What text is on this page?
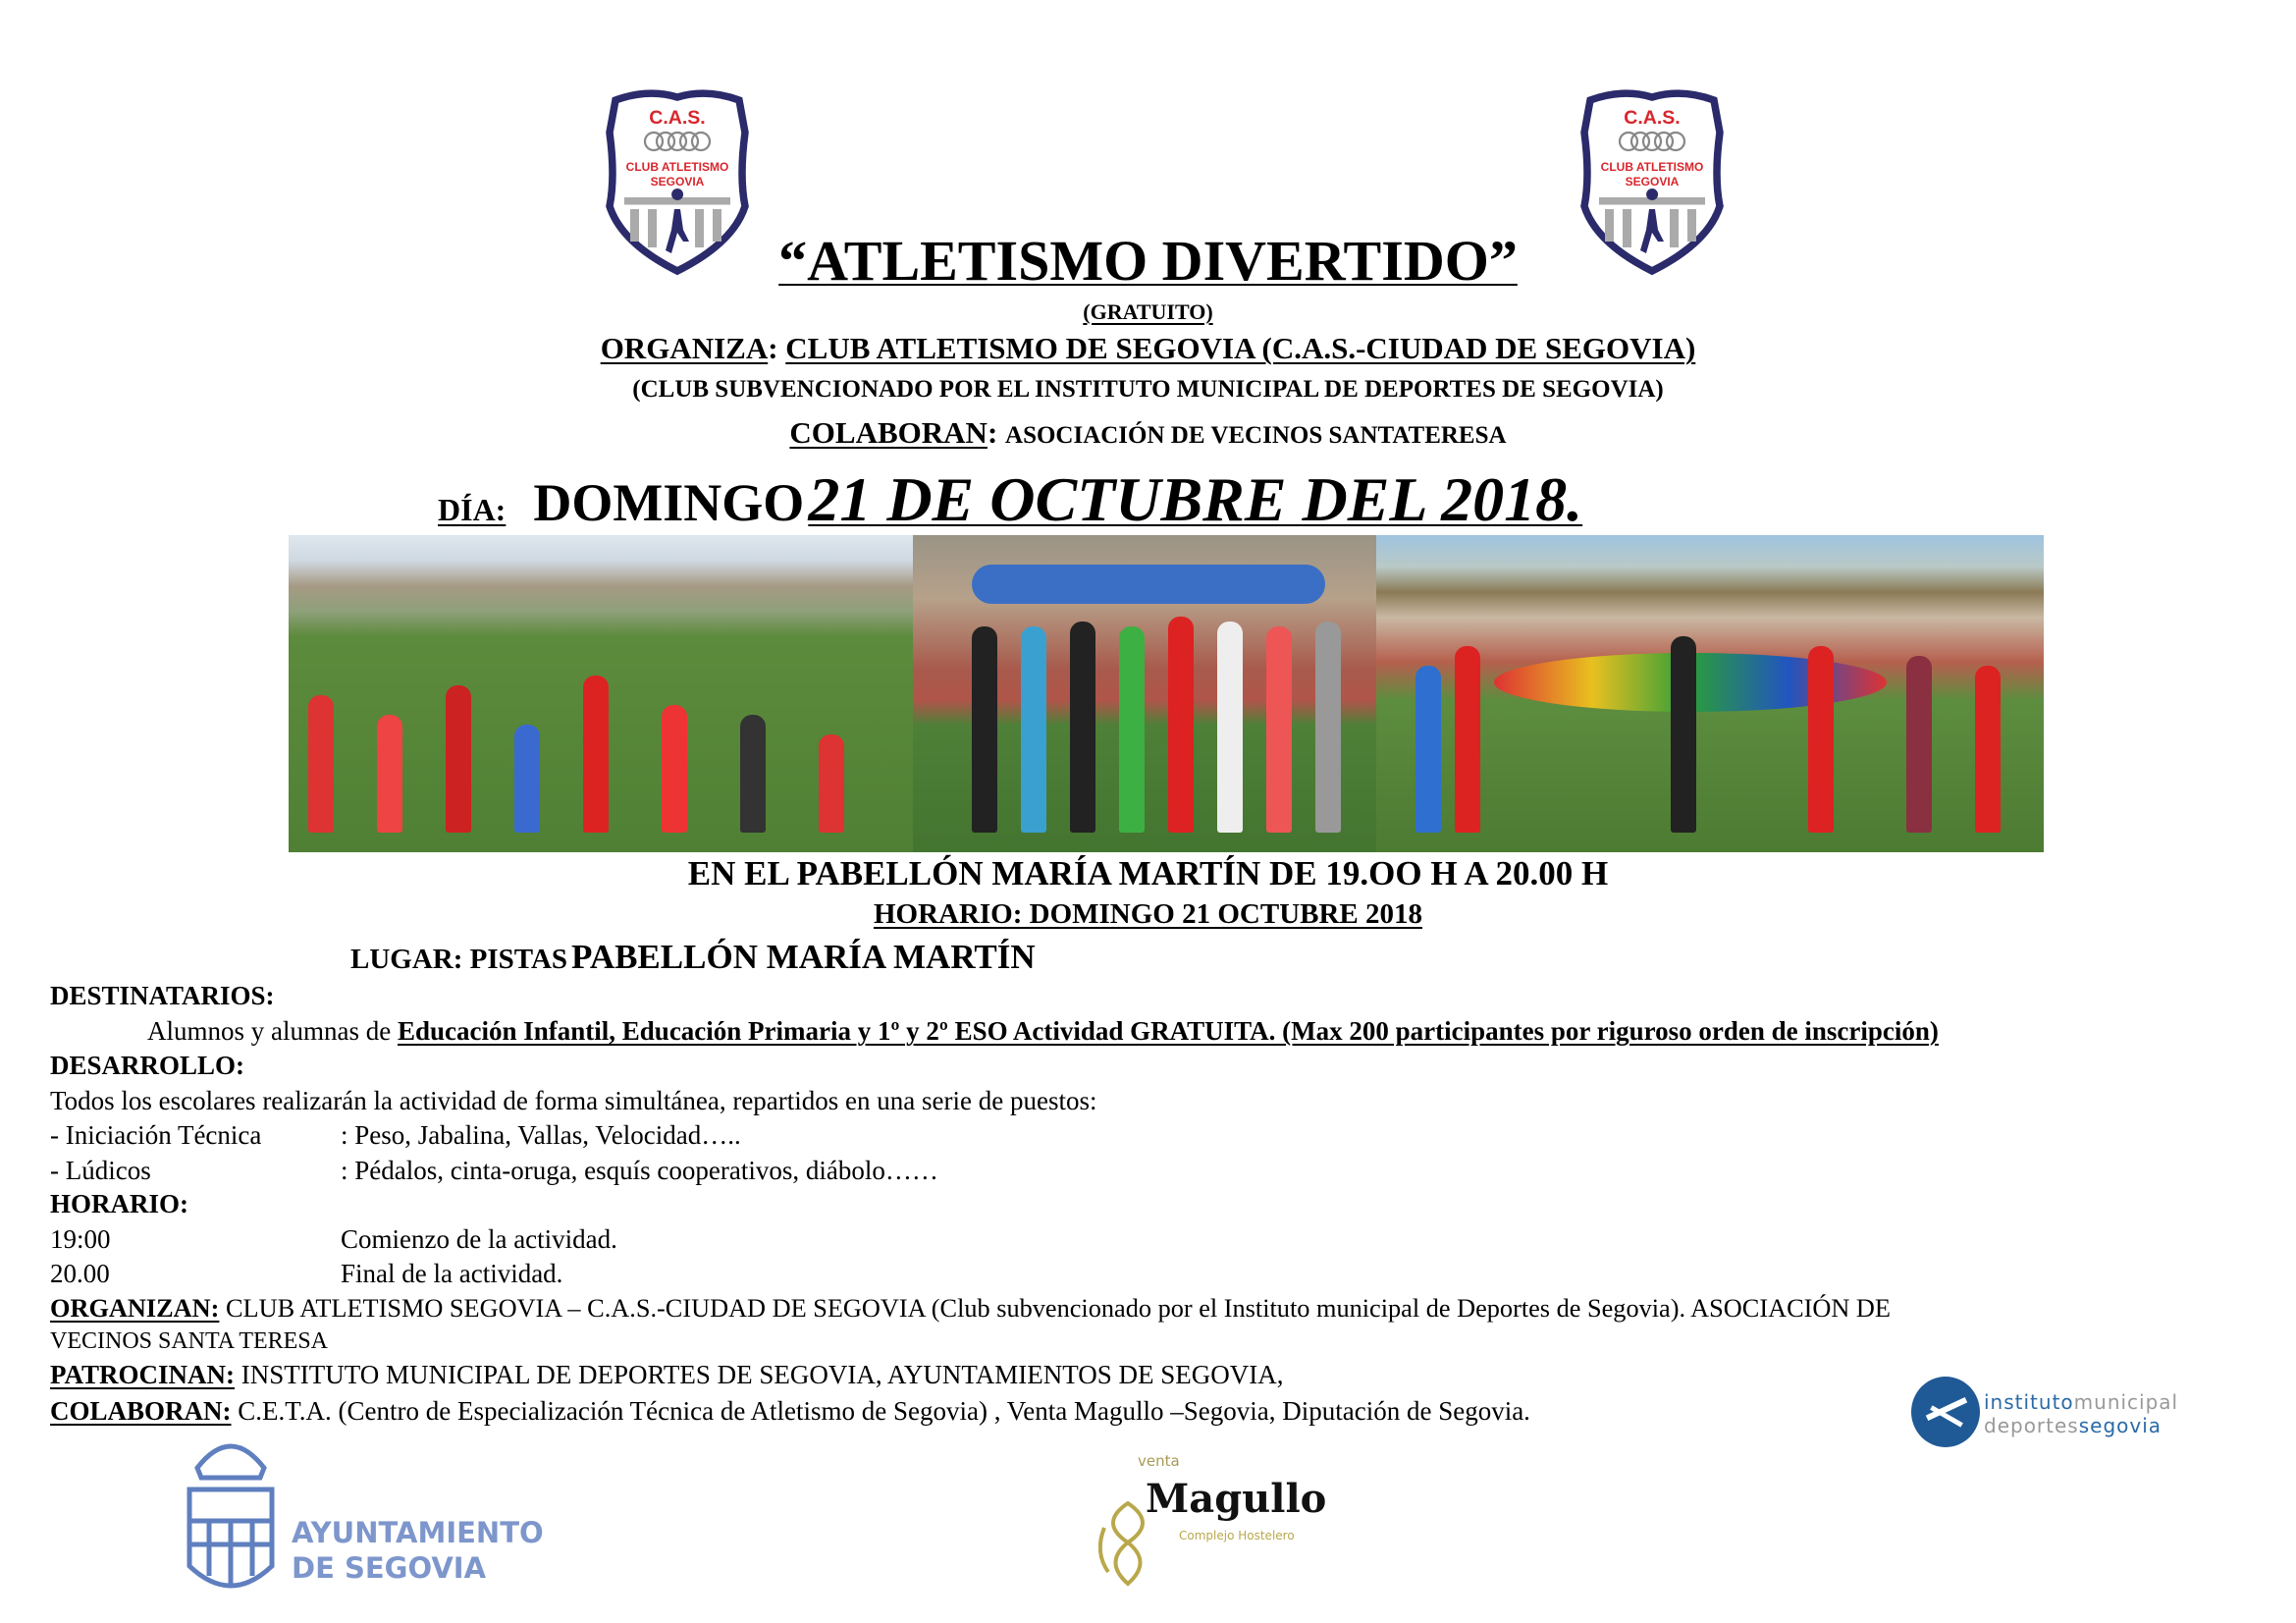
C.A.S.
CLUB ATLETISMO
SEGOVIA
C.A.S.
CLUB ATLETISMO
SEGOVIA
“ATLETISMO DIVERTIDO”
(GRATUITO)
ORGANIZA: CLUB ATLETISMO DE SEGOVIA (C.A.S.-CIUDAD DE SEGOVIA)
(CLUB SUBVENCIONADO POR EL INSTITUTO MUNICIPAL DE DEPORTES DE SEGOVIA)
COLABORAN: ASOCIACIÓN DE VECINOS SANTATERESA
DÍA: DOMINGO 21 DE OCTUBRE DEL 2018.
EN EL PABELLÓN MARÍA MARTÍN DE 19.OO H A 20.00 H
HORARIO: DOMINGO 21 OCTUBRE 2018
LUGAR: PISTAS PABELLÓN MARÍA MARTÍN
DESTINATARIOS:
Alumnos y alumnas de Educación Infantil, Educación Primaria y 1º y 2º ESO Actividad GRATUITA. (Max 200 participantes por riguroso orden de inscripción)
DESARROLLO:
Todos los escolares realizarán la actividad de forma simultánea, repartidos en una serie de puestos:
- Iniciación Técnica	: Peso, Jabalina, Vallas, Velocidad…..
- Lúdicos	: Pédalos, cinta-oruga, esquís cooperativos, diábolo……
HORARIO:
19:00	Comienzo de la actividad.
20.00	Final de la actividad.
ORGANIZAN: CLUB ATLETISMO SEGOVIA – C.A.S.-CIUDAD DE SEGOVIA (Club subvencionado por el Instituto municipal de Deportes de Segovia). ASOCIACIÓN DE
VECINOS SANTA TERESA
PATROCINAN: INSTITUTO MUNICIPAL DE DEPORTES DE SEGOVIA, AYUNTAMIENTOS DE SEGOVIA,
COLABORAN: C.E.T.A. (Centro de Especialización Técnica de Atletismo de Segovia) , Venta Magullo –Segovia, Diputación de Segovia.	institutomunicipal
deportessegovia
AYUNTAMIENTO
DE SEGOVIA
venta
Magullo
Complejo Hostelero
